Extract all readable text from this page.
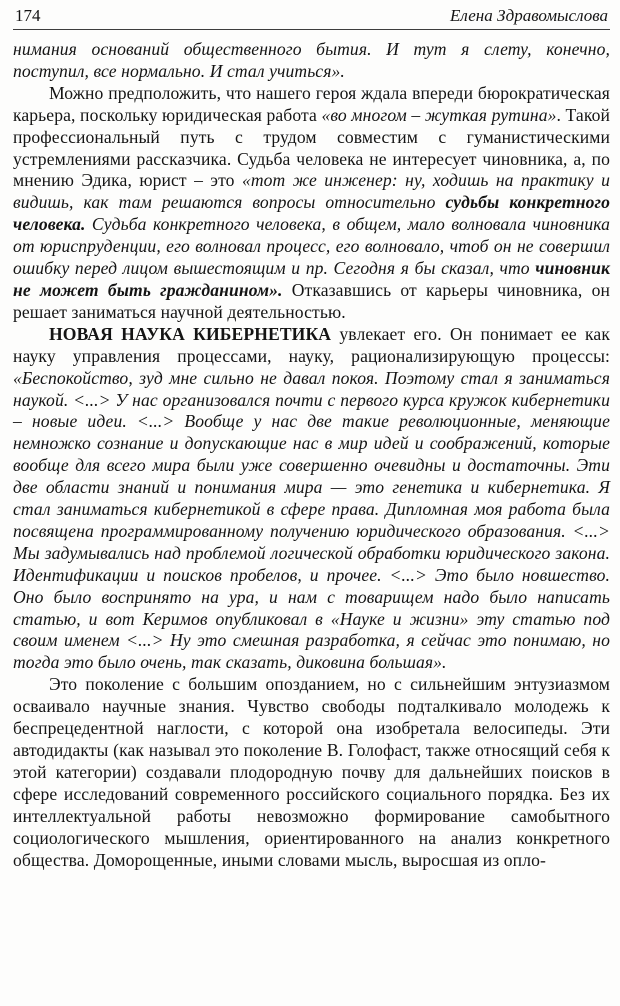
174	Елена Здравомыслова

нимания оснований общественного бытия. И тут я слету, конечно, поступил, все нормально. И стал учиться».

Можно предположить, что нашего героя ждала впереди бюрократическая карьера, поскольку юридическая работа «во многом – жуткая рутина». Такой профессиональный путь с трудом совместим с гуманистическими устремлениями рассказчика. Судьба человека не интересует чиновника, а, по мнению Эдика, юрист – это «тот же инженер: ну, ходишь на практику и видишь, как там решаются вопросы относительно судьбы конкретного человека. Судьба конкретного человека, в общем, мало волновала чиновника от юриспруденции, его волновал процесс, его волновало, чтоб он не совершил ошибку перед лицом вышестоящим и пр. Сегодня я бы сказал, что чиновник не может быть гражданином». Отказавшись от карьеры чиновника, он решает заниматься научной деятельностью.

НОВАЯ НАУКА КИБЕРНЕТИКА увлекает его. Он понимает ее как науку управления процессами, науку, рационализирующую процессы: «Беспокойство, зуд мне сильно не давал покоя. Поэтому стал я заниматься наукой. <...> У нас организовался почти с первого курса кружок кибернетики – новые идеи. <...> Вообще у нас две такие революционные, меняющие немножко сознание и допускающие нас в мир идей и соображений, которые вообще для всего мира были уже совершенно очевидны и достаточны. Эти две области знаний и понимания мира — это генетика и кибернетика. Я стал заниматься кибернетикой в сфере права. Дипломная моя работа была посвящена программированному получению юридического образования. <...> Мы задумывались над проблемой логической обработки юридического закона. Идентификации и поисков пробелов, и прочее. <...> Это было новшество. Оно было воспринято на ура, и нам с товарищем надо было написать статью, и вот Керимов опубликовал в «Науке и жизни» эту статью под своим именем <...> Ну это смешная разработка, я сейчас это понимаю, но тогда это было очень, так сказать, диковина большая».

Это поколение с большим опозданием, но с сильнейшим энтузиазмом осваивало научные знания. Чувство свободы подталкивало молодежь к беспрецедентной наглости, с которой она изобретала велосипеды. Эти автодидакты (как называл это поколение В. Голофаст, также относящий себя к этой категории) создавали плодородную почву для дальнейших поисков в сфере исследований современного российского социального порядка. Без их интеллектуальной работы невозможно формирование самобытного социологического мышления, ориентированного на анализ конкретного общества. Доморощенные, иными словами мысль, выросшая из опло-
